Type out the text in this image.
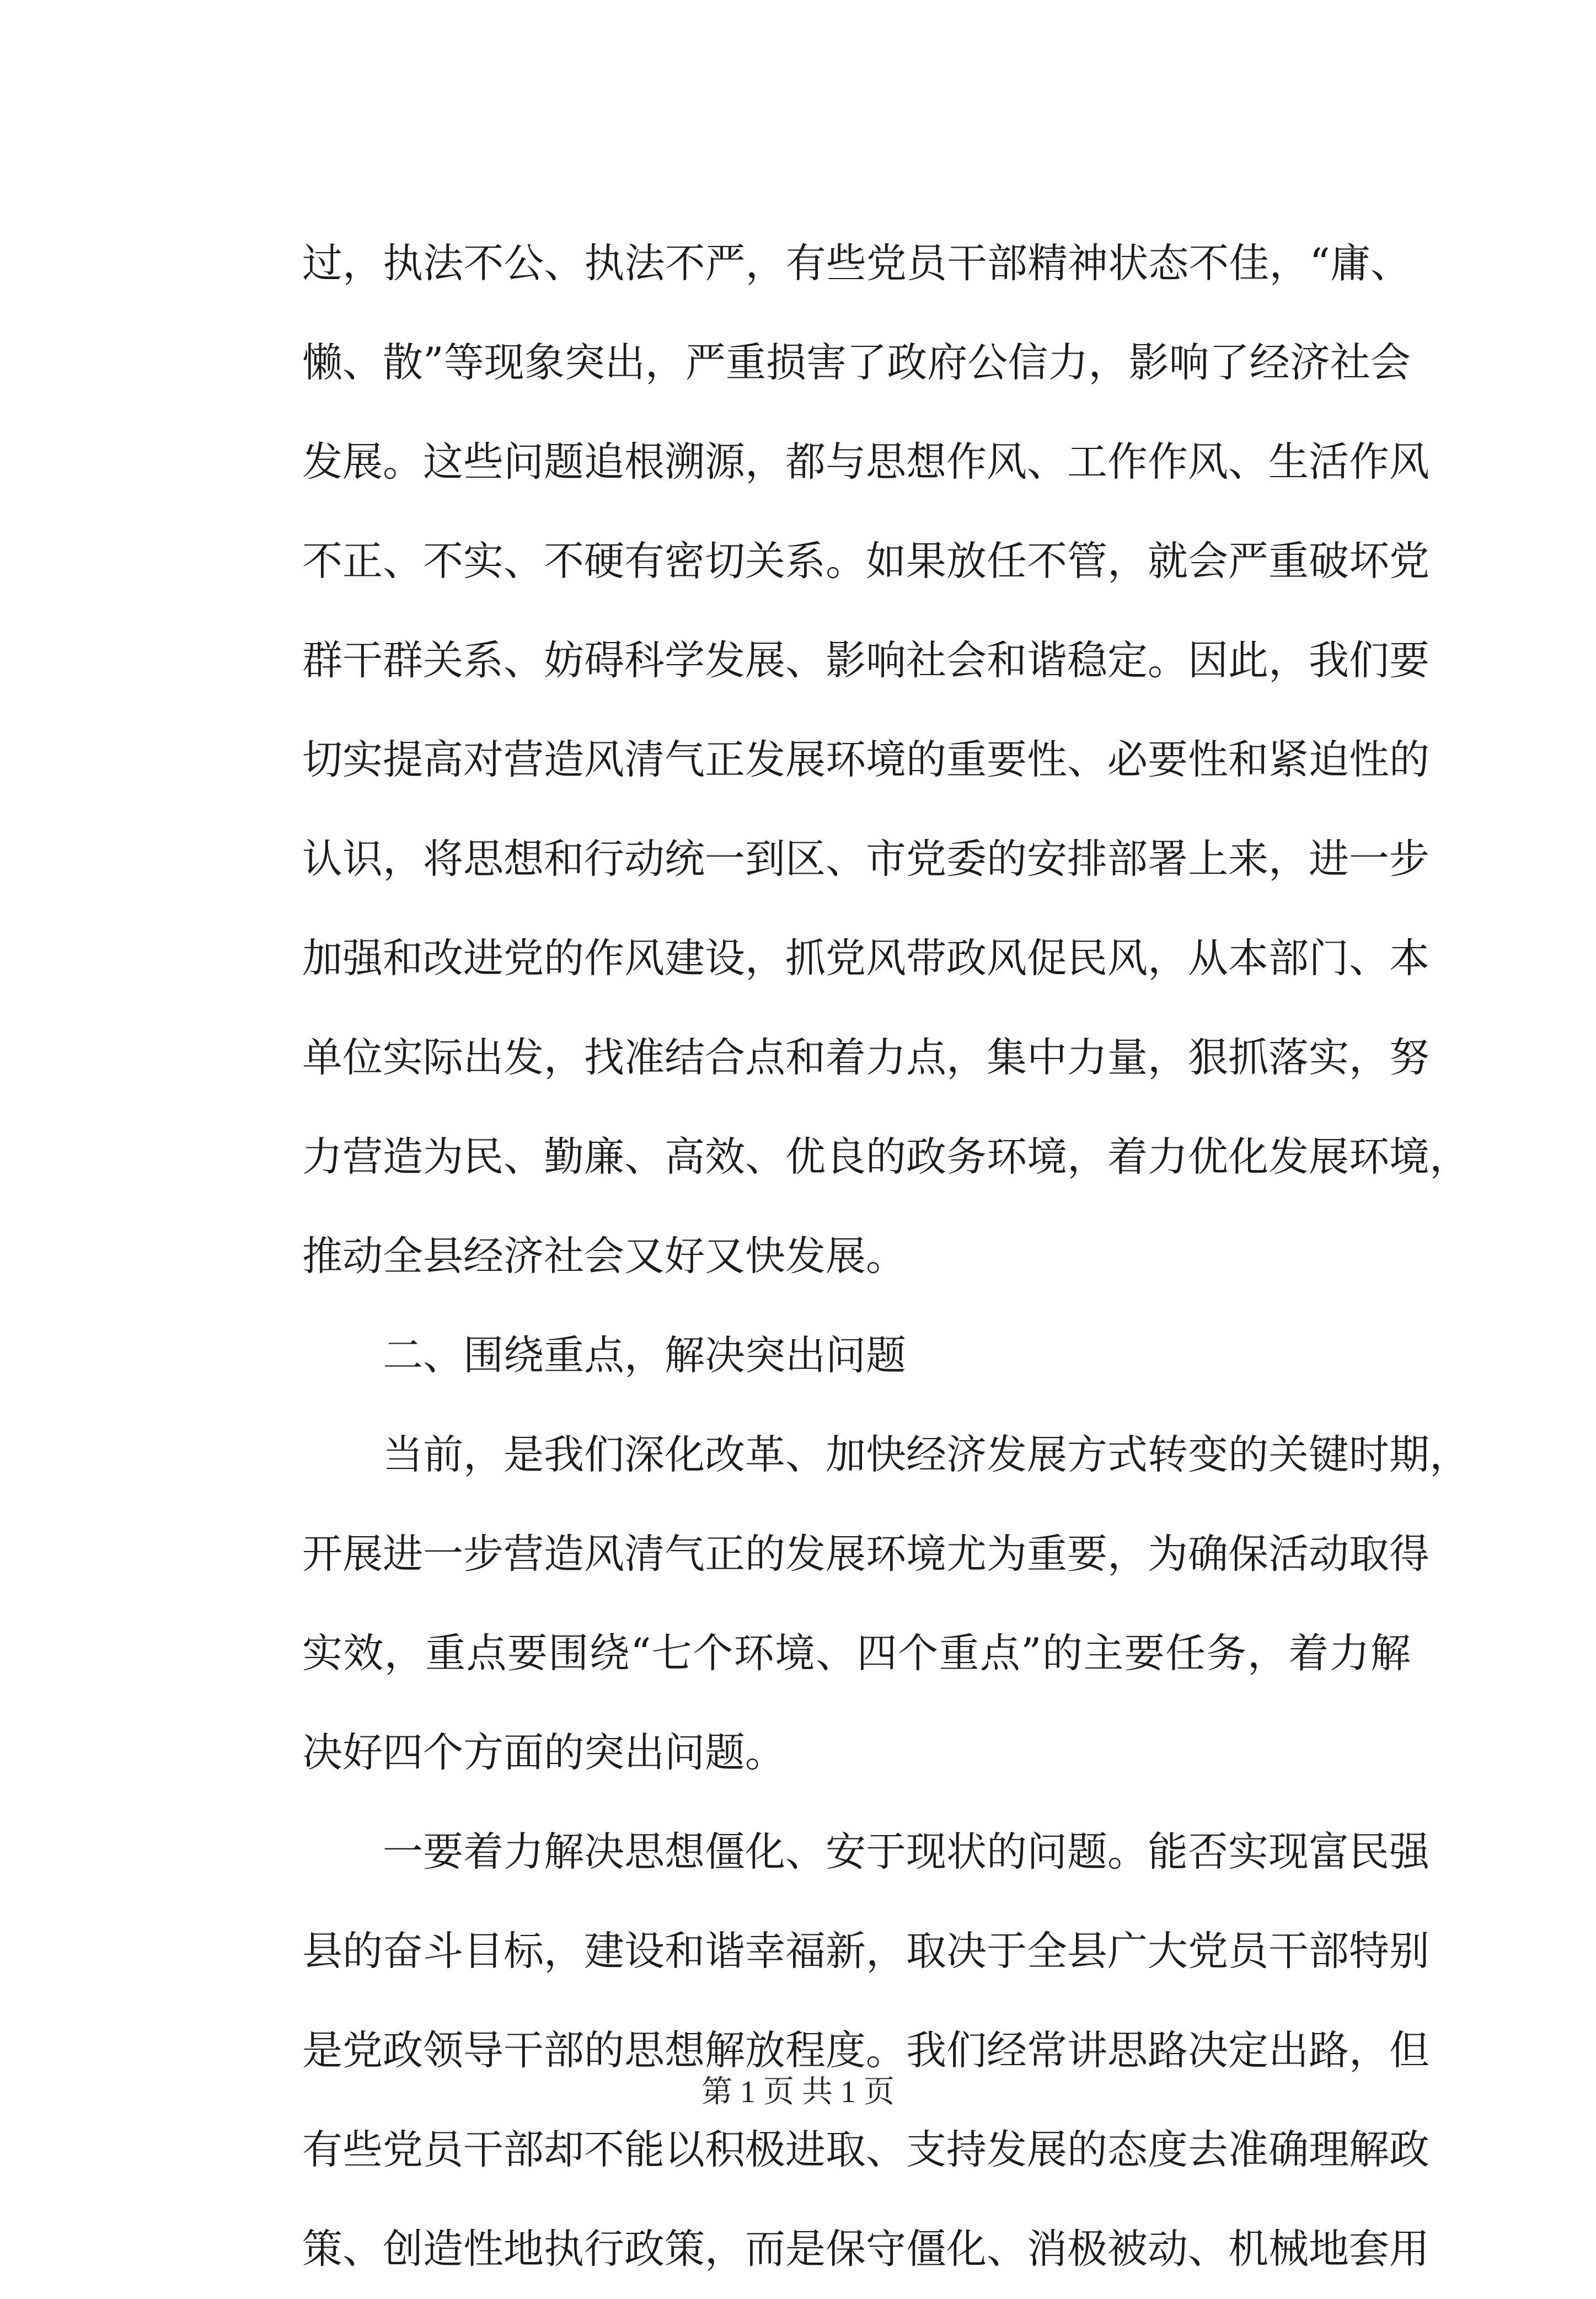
过，执法不公、执法不严，有些党员干部精神状态不佳，“庸、
懒、散”等现象突出，严重损害了政府公信力，影响了经济社会
发展。这些问题追根溯源，都与思想作风、工作作风、生活作风
不正、不实、不硬有密切关系。如果放任不管，就会严重破坏党
群干群关系、妨碍科学发展、影响社会和谐稳定。因此，我们要
切实提高对营造风清气正发展环境的重要性、必要性和紧迫性的
认识，将思想和行动统一到区、市党委的安排部署上来，进一步
加强和改进党的作风建设，抓党风带政风促民风，从本部门、本
单位实际出发，找准结合点和着力点，集中力量，狠抓落实，努
力营造为民、勤廉、高效、优良的政务环境，着力优化发展环境，
推动全县经济社会又好又快发展。
二、围绕重点，解决突出问题
当前，是我们深化改革、加快经济发展方式转变的关键时期，
开展进一步营造风清气正的发展环境尤为重要，为确保活动取得
实效，重点要围绕“七个环境、四个重点”的主要任务，着力解
决好四个方面的突出问题。
一要着力解决思想僵化、安于现状的问题。能否实现富民强
县的奋斗目标，建设和谐幸福新，取决于全县广大党员干部特别
是党政领导干部的思想解放程度。我们经常讲思路决定出路，但
有些党员干部却不能以积极进取、支持发展的态度去准确理解政
策、创造性地执行政策，而是保守僵化、消极被动、机械地套用
第 1 页 共 1 页
